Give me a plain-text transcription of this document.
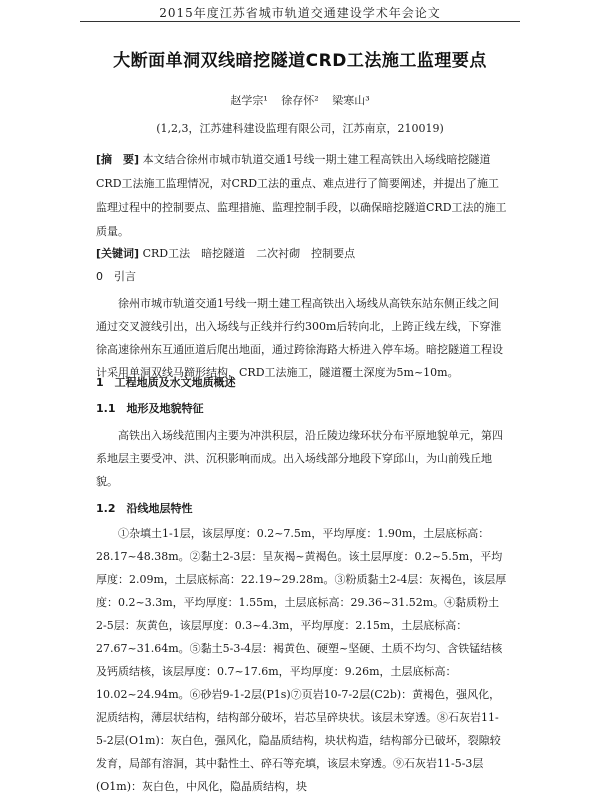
2015年度江苏省城市轨道交通建设学术年会论文
大断面单洞双线暗挖隧道CRD工法施工监理要点
赵学宗¹ 徐存怀² 梁寒山³
(1,2,3，江苏建科建设监理有限公司，江苏南京，210019)
[摘　要] 本文结合徐州市城市轨道交通1号线一期土建工程高铁出入场线暗挖隧道CRD工法施工监理情况，对CRD工法的重点、难点进行了简要阐述，并提出了施工监理过程中的控制要点、监理措施、监理控制手段，以确保暗挖隧道CRD工法的施工质量。
[关键词] CRD工法　暗挖隧道　二次衬砌　控制要点
0　引言

徐州市城市轨道交通1号线一期土建工程高铁出入场线从高铁东站东侧正线之间通过交叉渡线引出，出入场线与正线并行约300m后转向北，上跨正线左线，下穿淮徐高速徐州东互通匝道后爬出地面，通过跨徐海路大桥进入停车场。暗挖隧道工程设计采用单洞双线马蹄形结构，CRD工法施工，隧道覆土深度为5m~10m。

1　工程地质及水文地质概述
1.1　地形及地貌特征

高铁出入场线范围内主要为冲洪积层，沿丘陵边缘环状分布平原地貌单元，第四系地层主要受冲、洪、沉积影响而成。出入场线部分地段下穿邱山，为山前残丘地貌。

1.2　沿线地层特性

①杂填土1-1层，该层厚度：0.2~7.5m，平均厚度：1.90m，土层底标高：28.17~48.38m。②黏土2-3层：呈灰褐~黄褐色。该土层厚度：0.2~5.5m，平均厚度：2.09m，土层底标高：22.19~29.28m。③粉质黏土2-4层：灰褐色，该层厚度：0.2~3.3m，平均厚度：1.55m，土层底标高：29.36~31.52m。④黏质粉土2-5层：灰黄色，该层厚度：0.3~4.3m，平均厚度：2.15m，土层底标高：27.67~31.64m。⑤黏土5-3-4层：褐黄色、硬塑~坚硬、土质不均匀、含铁锰结核及钙质结核，该层厚度：0.7~17.6m，平均厚度：9.26m，土层底标高：10.02~24.94m。⑥砂岩9-1-2层(P1s)⑦页岩10-7-2层(C2b)：黄褐色，强风化，泥质结构，薄层状结构，结构部分破坏，岩芯呈碎块状。该层未穿透。⑧石灰岩11-5-2层(O1m)：灰白色，强风化，隐晶质结构，块状构造，结构部分已破坏，裂隙较发育，局部有溶洞，其中黏性土、碎石等充填，该层未穿透。⑨石灰岩11-5-3层(O1m)：灰白色，中风化，隐晶质结构，块
